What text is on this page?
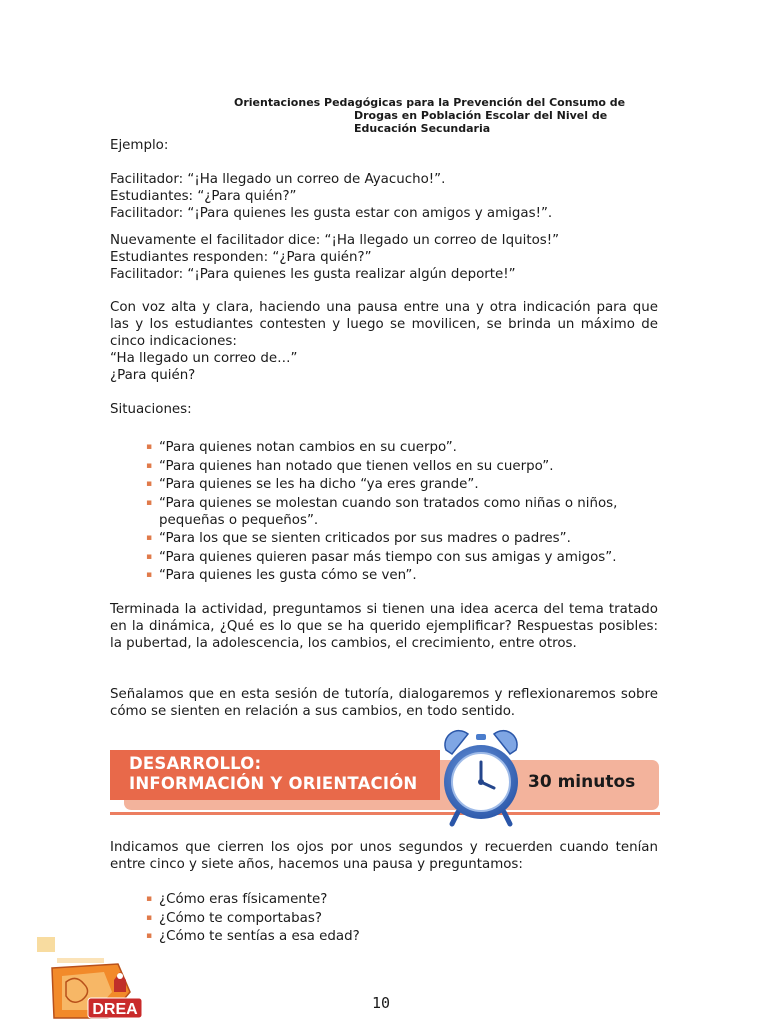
Orientaciones Pedagógicas para la Prevención del Consumo de
Drogas en Población Escolar del Nivel de
Educación Secundaria
Ejemplo:
Facilitador: “¡Ha llegado un correo de Ayacucho!”.
Estudiantes: “¿Para quién?”
Facilitador: “¡Para quienes les gusta estar con amigos y amigas!”.
Nuevamente el facilitador dice: “¡Ha llegado un correo de Iquitos!”
Estudiantes responden: “¿Para quién?”
Facilitador: “¡Para quienes les gusta realizar algún deporte!”
Con voz alta y clara, haciendo una pausa entre una y otra indicación para que las y los estudiantes contesten y luego se movilicen, se brinda un máximo de cinco indicaciones:
“Ha llegado un correo de…”
¿Para quién?
Situaciones:
▪ “Para quienes notan cambios en su cuerpo”.
▪ “Para quienes han notado que tienen vellos en su cuerpo”.
▪ “Para quienes se les ha dicho “ya eres grande”.
▪ “Para quienes se molestan cuando son tratados como niñas o niños, pequeñas o pequeños”.
▪ “Para los que se sienten criticados por sus madres o padres”.
▪ “Para quienes quieren pasar más tiempo con sus amigas y amigos”.
▪ “Para quienes les gusta cómo se ven”.
Terminada la actividad, preguntamos si tienen una idea acerca del tema tratado en la dinámica, ¿Qué es lo que se ha querido ejemplificar? Respuestas posibles: la pubertad, la adolescencia, los cambios, el crecimiento, entre otros.
Señalamos que en esta sesión de tutoría, dialogaremos y reflexionaremos sobre cómo se sienten en relación a sus cambios, en todo sentido.
DESARROLLO:
INFORMACIÓN Y ORIENTACIÓN	30 minutos
Indicamos que cierren los ojos por unos segundos y recuerden cuando tenían entre cinco y siete años, hacemos una pausa y preguntamos:
▪ ¿Cómo eras físicamente?
▪ ¿Cómo te comportabas?
▪ ¿Cómo te sentías a esa edad?
DREA	10
